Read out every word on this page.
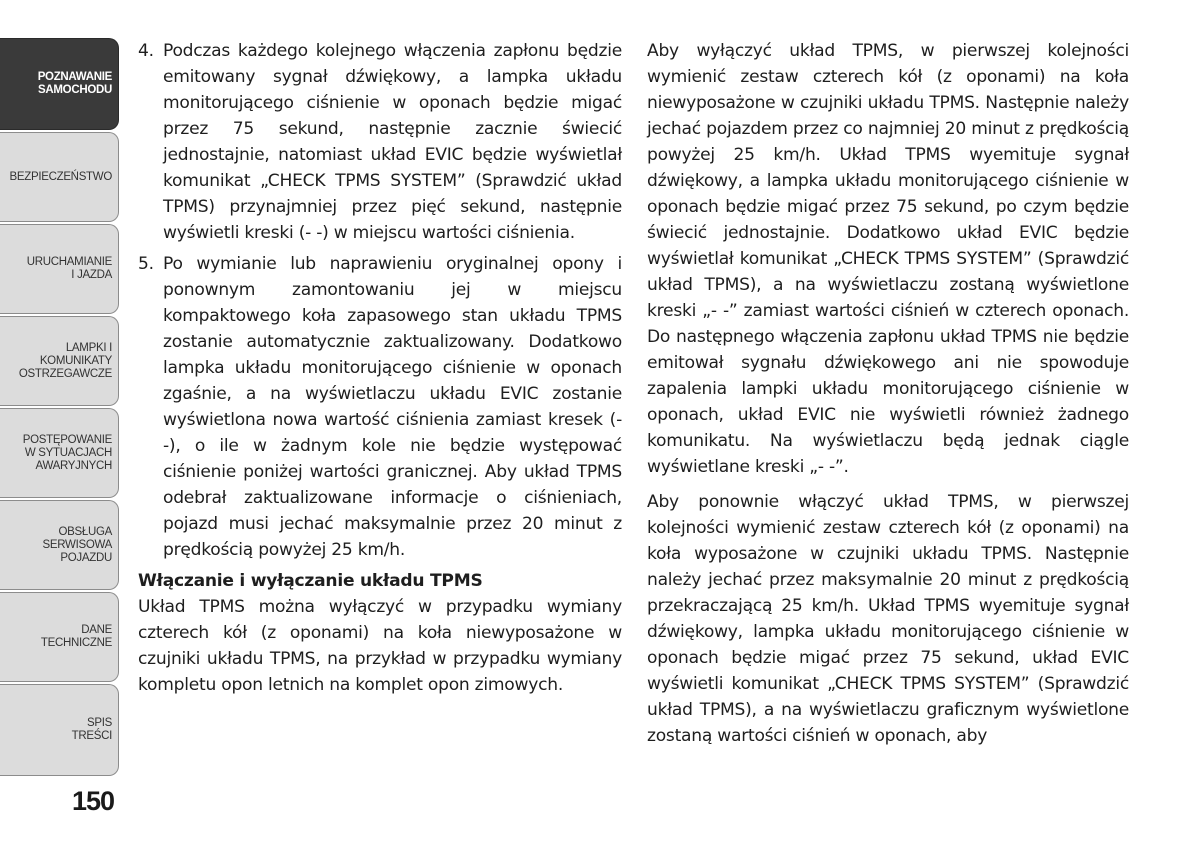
POZNAWANIE
SAMOCHODU
BEZPIECZEŃSTWO
URUCHAMIANIE
I JAZDA
LAMPKI I
KOMUNIKATY
OSTRZEGAWCZE
POSTĘPOWANIE
W SYTUACJACH
AWARYJNYCH
OBSŁUGA
SERWISOWA
POJAZDU
DANE
TECHNICZNE
SPIS
TREŚCI
150
4. Podczas każdego kolejnego włączenia zapłonu będzie emitowany sygnał dźwiękowy, a lampka układu monitorującego ciśnienie w oponach będzie migać przez 75 sekund, następnie zacznie świecić jednostajnie, natomiast układ EVIC będzie wyświetlał komunikat „CHECK TPMS SYSTEM” (Sprawdzić układ TPMS) przynajmniej przez pięć sekund, następnie wyświetli kreski (- -) w miejscu wartości ciśnienia.
5. Po wymianie lub naprawieniu oryginalnej opony i ponownym zamontowaniu jej w miejscu kompaktowego koła zapasowego stan układu TPMS zostanie automatycznie zaktualizowany. Dodatkowo lampka układu monitorującego ciśnienie w oponach zgaśnie, a na wyświetlaczu układu EVIC zostanie wyświetlona nowa wartość ciśnienia zamiast kresek (- -), o ile w żadnym kole nie będzie występować ciśnienie poniżej wartości granicznej. Aby układ TPMS odebrał zaktualizowane informacje o ciśnieniach, pojazd musi jechać maksymalnie przez 20 minut z prędkością powyżej 25 km/h.
Włączanie i wyłączanie układu TPMS

Układ TPMS można wyłączyć w przypadku wymiany czterech kół (z oponami) na koła niewyposażone w czujniki układu TPMS, na przykład w przypadku wymiany kompletu opon letnich na komplet opon zimowych.

Aby wyłączyć układ TPMS, w pierwszej kolejności wymienić zestaw czterech kół (z oponami) na koła niewyposażone w czujniki układu TPMS. Następnie należy jechać pojazdem przez co najmniej 20 minut z prędkością powyżej 25 km/h. Układ TPMS wyemituje sygnał dźwiękowy, a lampka układu monitorującego ciśnienie w oponach będzie migać przez 75 sekund, po czym będzie świecić jednostajnie. Dodatkowo układ EVIC będzie wyświetlał komunikat „CHECK TPMS SYSTEM” (Sprawdzić układ TPMS), a na wyświetlaczu zostaną wyświetlone kreski „- -” zamiast wartości ciśnień w czterech oponach. Do następnego włączenia zapłonu układ TPMS nie będzie emitował sygnału dźwiękowego ani nie spowoduje zapalenia lampki układu monitorującego ciśnienie w oponach, układ EVIC nie wyświetli również żadnego komunikatu. Na wyświetlaczu będą jednak ciągle wyświetlane kreski „- -”.

Aby ponownie włączyć układ TPMS, w pierwszej kolejności wymienić zestaw czterech kół (z oponami) na koła wyposażone w czujniki układu TPMS. Następnie należy jechać przez maksymalnie 20 minut z prędkością przekraczającą 25 km/h. Układ TPMS wyemituje sygnał dźwiękowy, lampka układu monitorującego ciśnienie w oponach będzie migać przez 75 sekund, układ EVIC wyświetli komunikat „CHECK TPMS SYSTEM” (Sprawdzić układ TPMS), a na wyświetlaczu graficznym wyświetlone zostaną wartości ciśnień w oponach, aby
